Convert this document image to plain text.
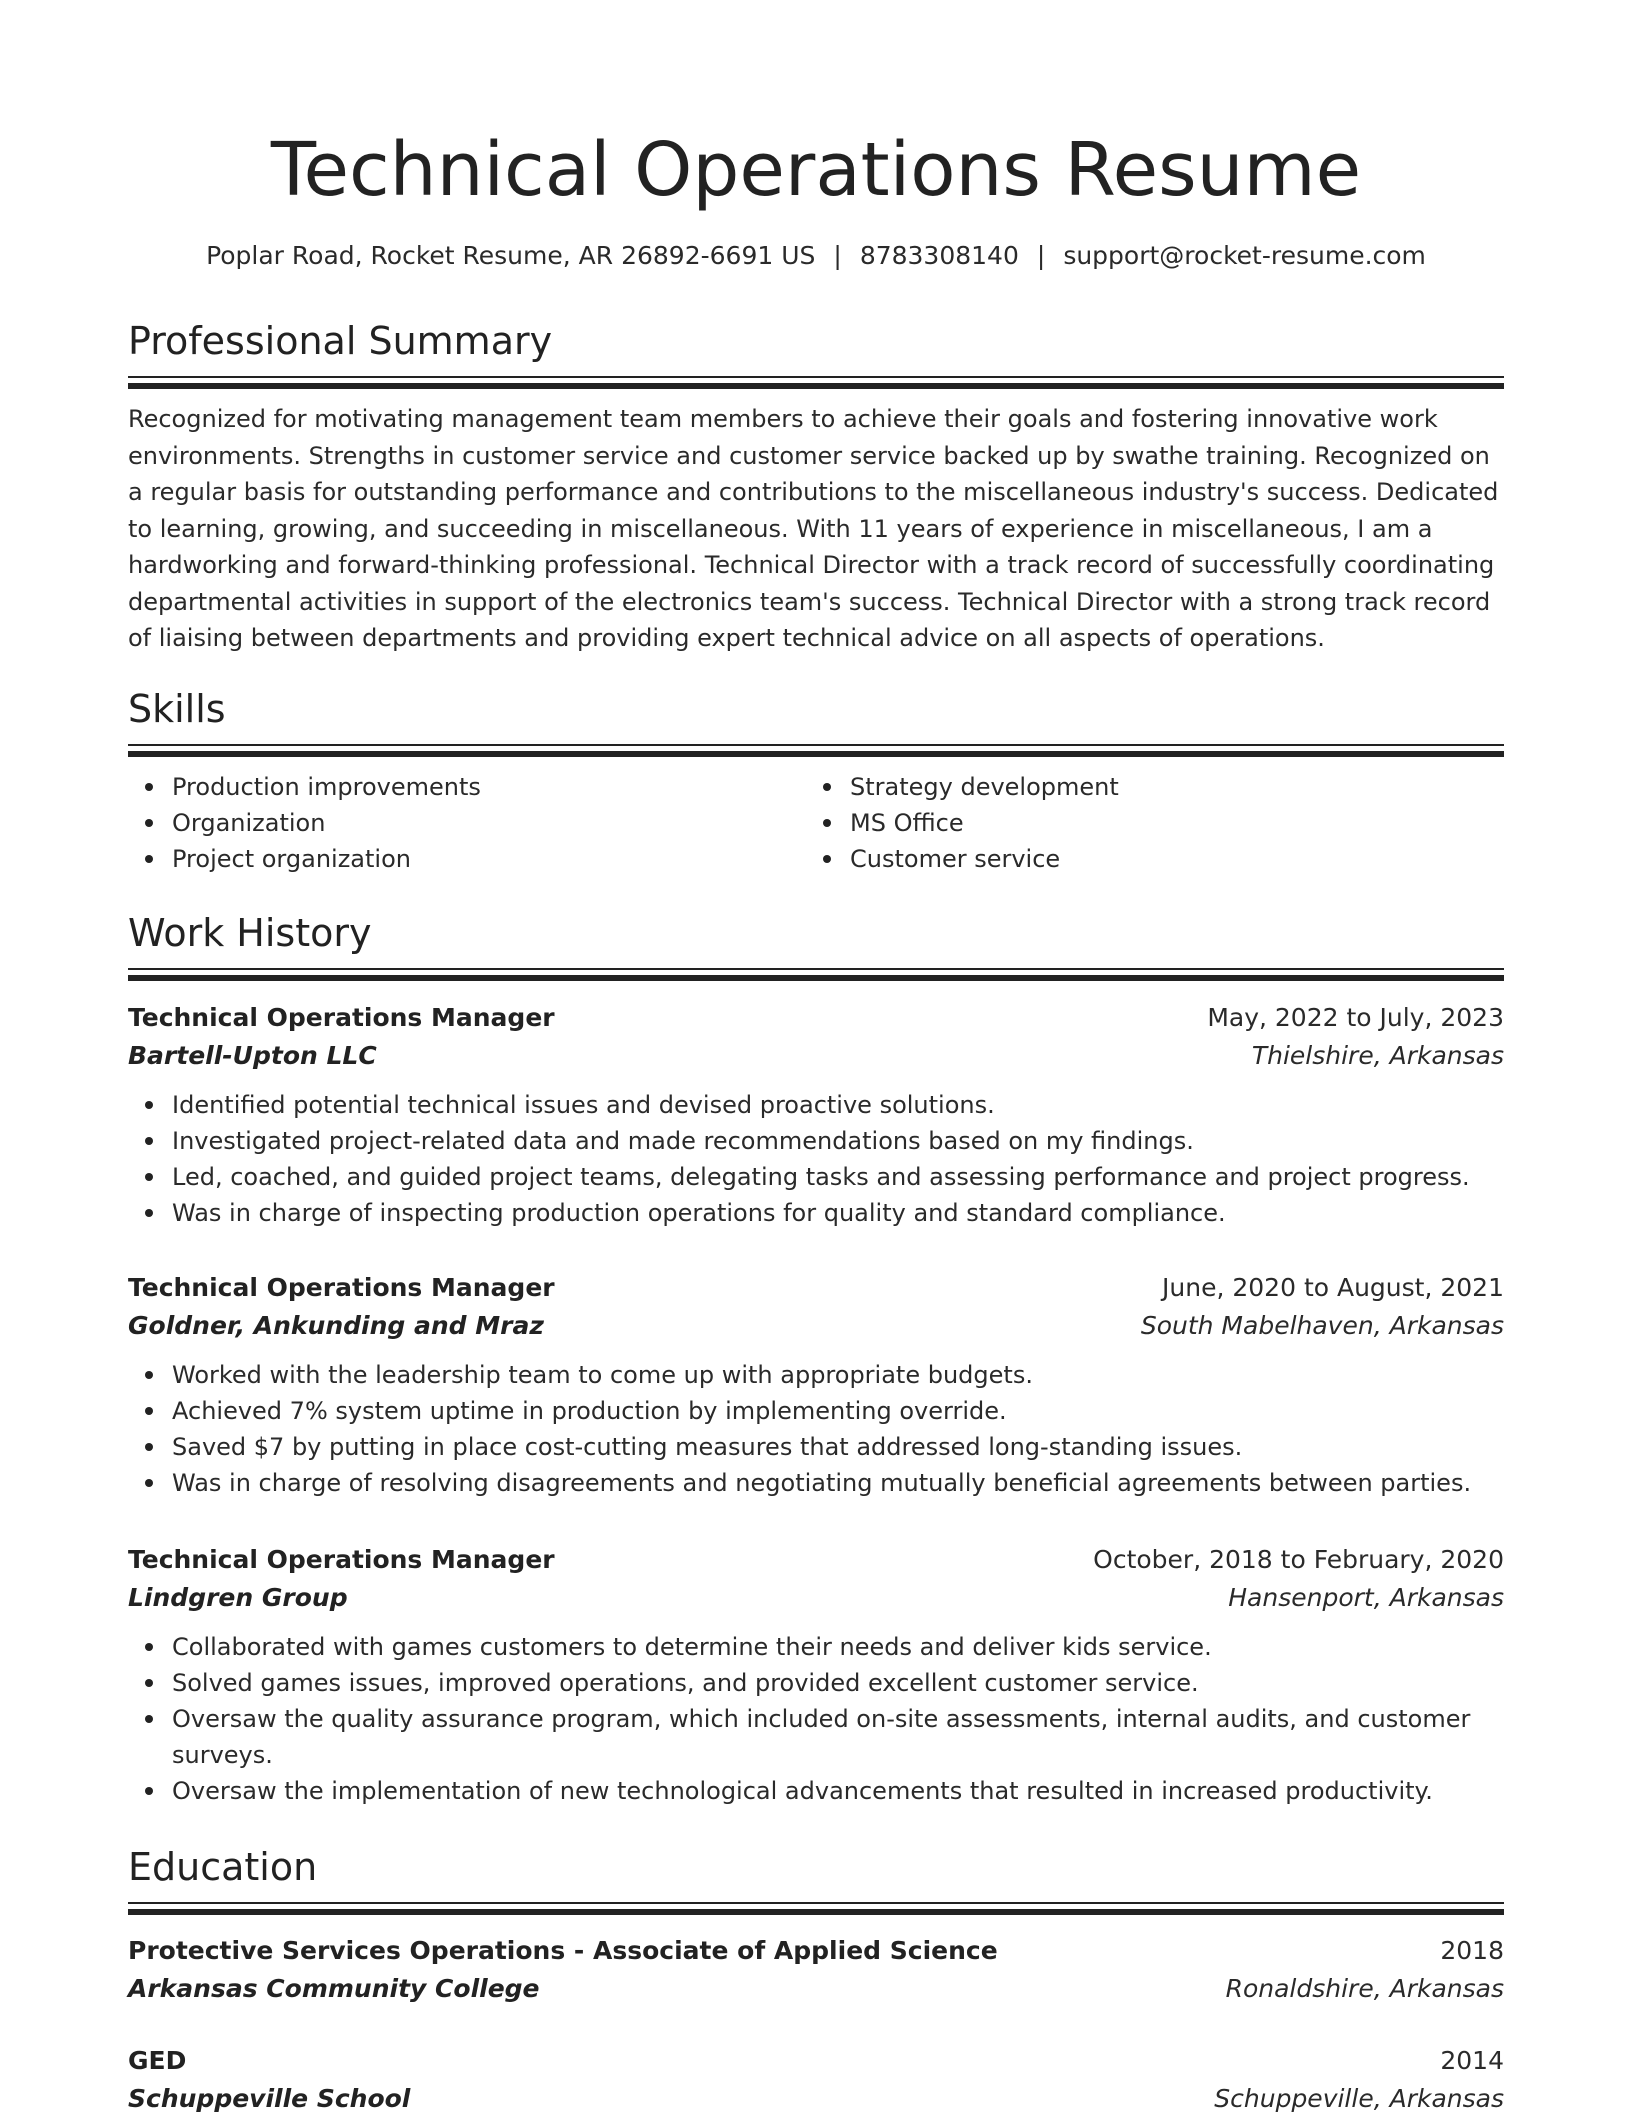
Technical Operations Resume
Poplar Road, Rocket Resume, AR 26892-6691 US | 8783308140 | support@rocket-resume.com
Professional Summary
Recognized for motivating management team members to achieve their goals and fostering innovative work environments. Strengths in customer service and customer service backed up by swathe training. Recognized on a regular basis for outstanding performance and contributions to the miscellaneous industry's success. Dedicated to learning, growing, and succeeding in miscellaneous. With 11 years of experience in miscellaneous, I am a hardworking and forward-thinking professional. Technical Director with a track record of successfully coordinating departmental activities in support of the electronics team's success. Technical Director with a strong track record of liaising between departments and providing expert technical advice on all aspects of operations.
Skills
Production improvements
Organization
Project organization
Strategy development
MS Office
Customer service
Work History
Technical Operations Manager	May, 2022 to July, 2023
Bartell-Upton LLC	Thielshire, Arkansas
Identified potential technical issues and devised proactive solutions.
Investigated project-related data and made recommendations based on my findings.
Led, coached, and guided project teams, delegating tasks and assessing performance and project progress.
Was in charge of inspecting production operations for quality and standard compliance.
Technical Operations Manager	June, 2020 to August, 2021
Goldner, Ankunding and Mraz	South Mabelhaven, Arkansas
Worked with the leadership team to come up with appropriate budgets.
Achieved 7% system uptime in production by implementing override.
Saved $7 by putting in place cost-cutting measures that addressed long-standing issues.
Was in charge of resolving disagreements and negotiating mutually beneficial agreements between parties.
Technical Operations Manager	October, 2018 to February, 2020
Lindgren Group	Hansenport, Arkansas
Collaborated with games customers to determine their needs and deliver kids service.
Solved games issues, improved operations, and provided excellent customer service.
Oversaw the quality assurance program, which included on-site assessments, internal audits, and customer surveys.
Oversaw the implementation of new technological advancements that resulted in increased productivity.
Education
Protective Services Operations - Associate of Applied Science	2018
Arkansas Community College	Ronaldshire, Arkansas
GED	2014
Schuppeville School	Schuppeville, Arkansas
